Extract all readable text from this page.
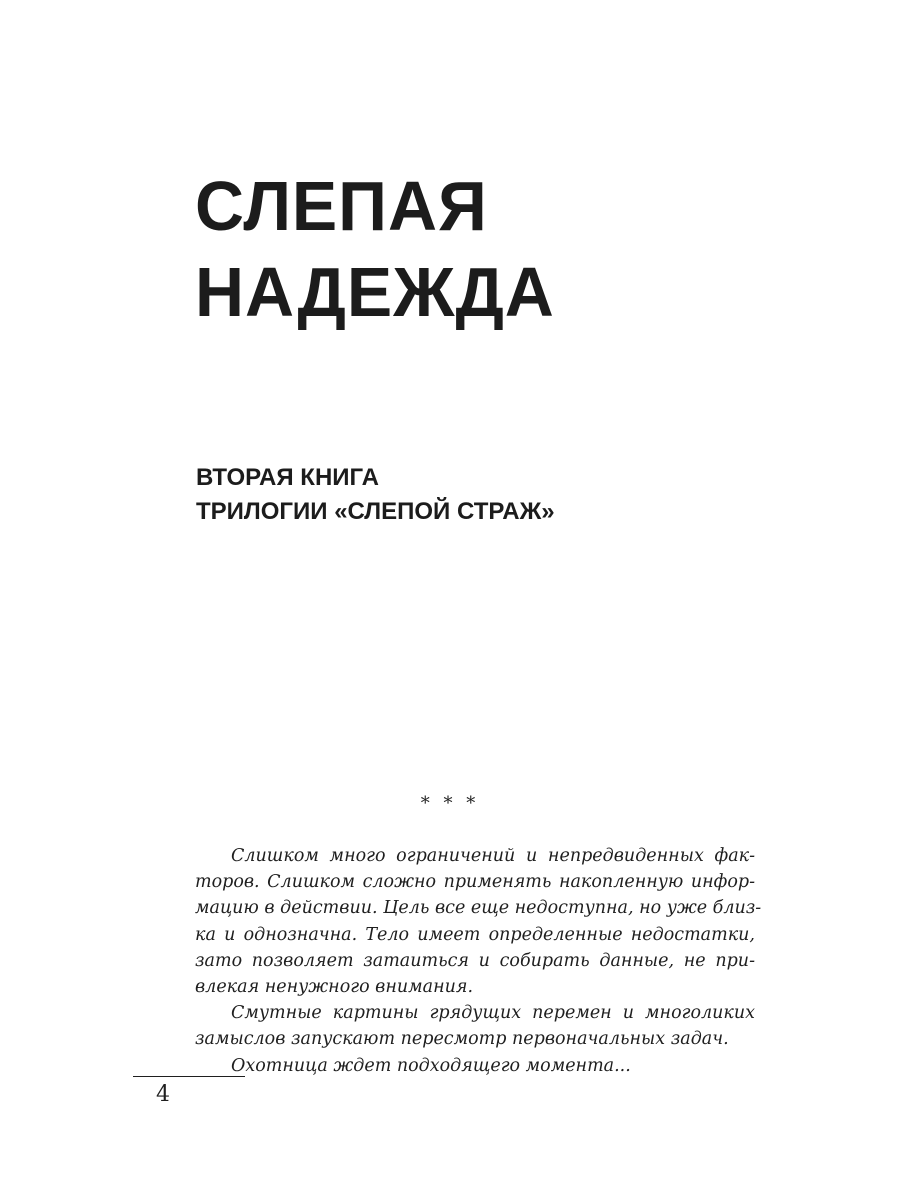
СЛЕПАЯ
НАДЕЖДА
ВТОРАЯ КНИГА
ТРИЛОГИИ «СЛЕПОЙ СТРАЖ»
* * *
Слишком много ограничений и непредвиденных фак-
торов. Слишком сложно применять накопленную инфор-
мацию в действии. Цель все еще недоступна, но уже близ-
ка и однозначна. Тело имеет определенные недостатки,
зато позволяет затаиться и собирать данные, не при-
влекая ненужного внимания.
Смутные картины грядущих перемен и многоликих
замыслов запускают пересмотр первоначальных задач.
Охотница ждет подходящего момента...
4
